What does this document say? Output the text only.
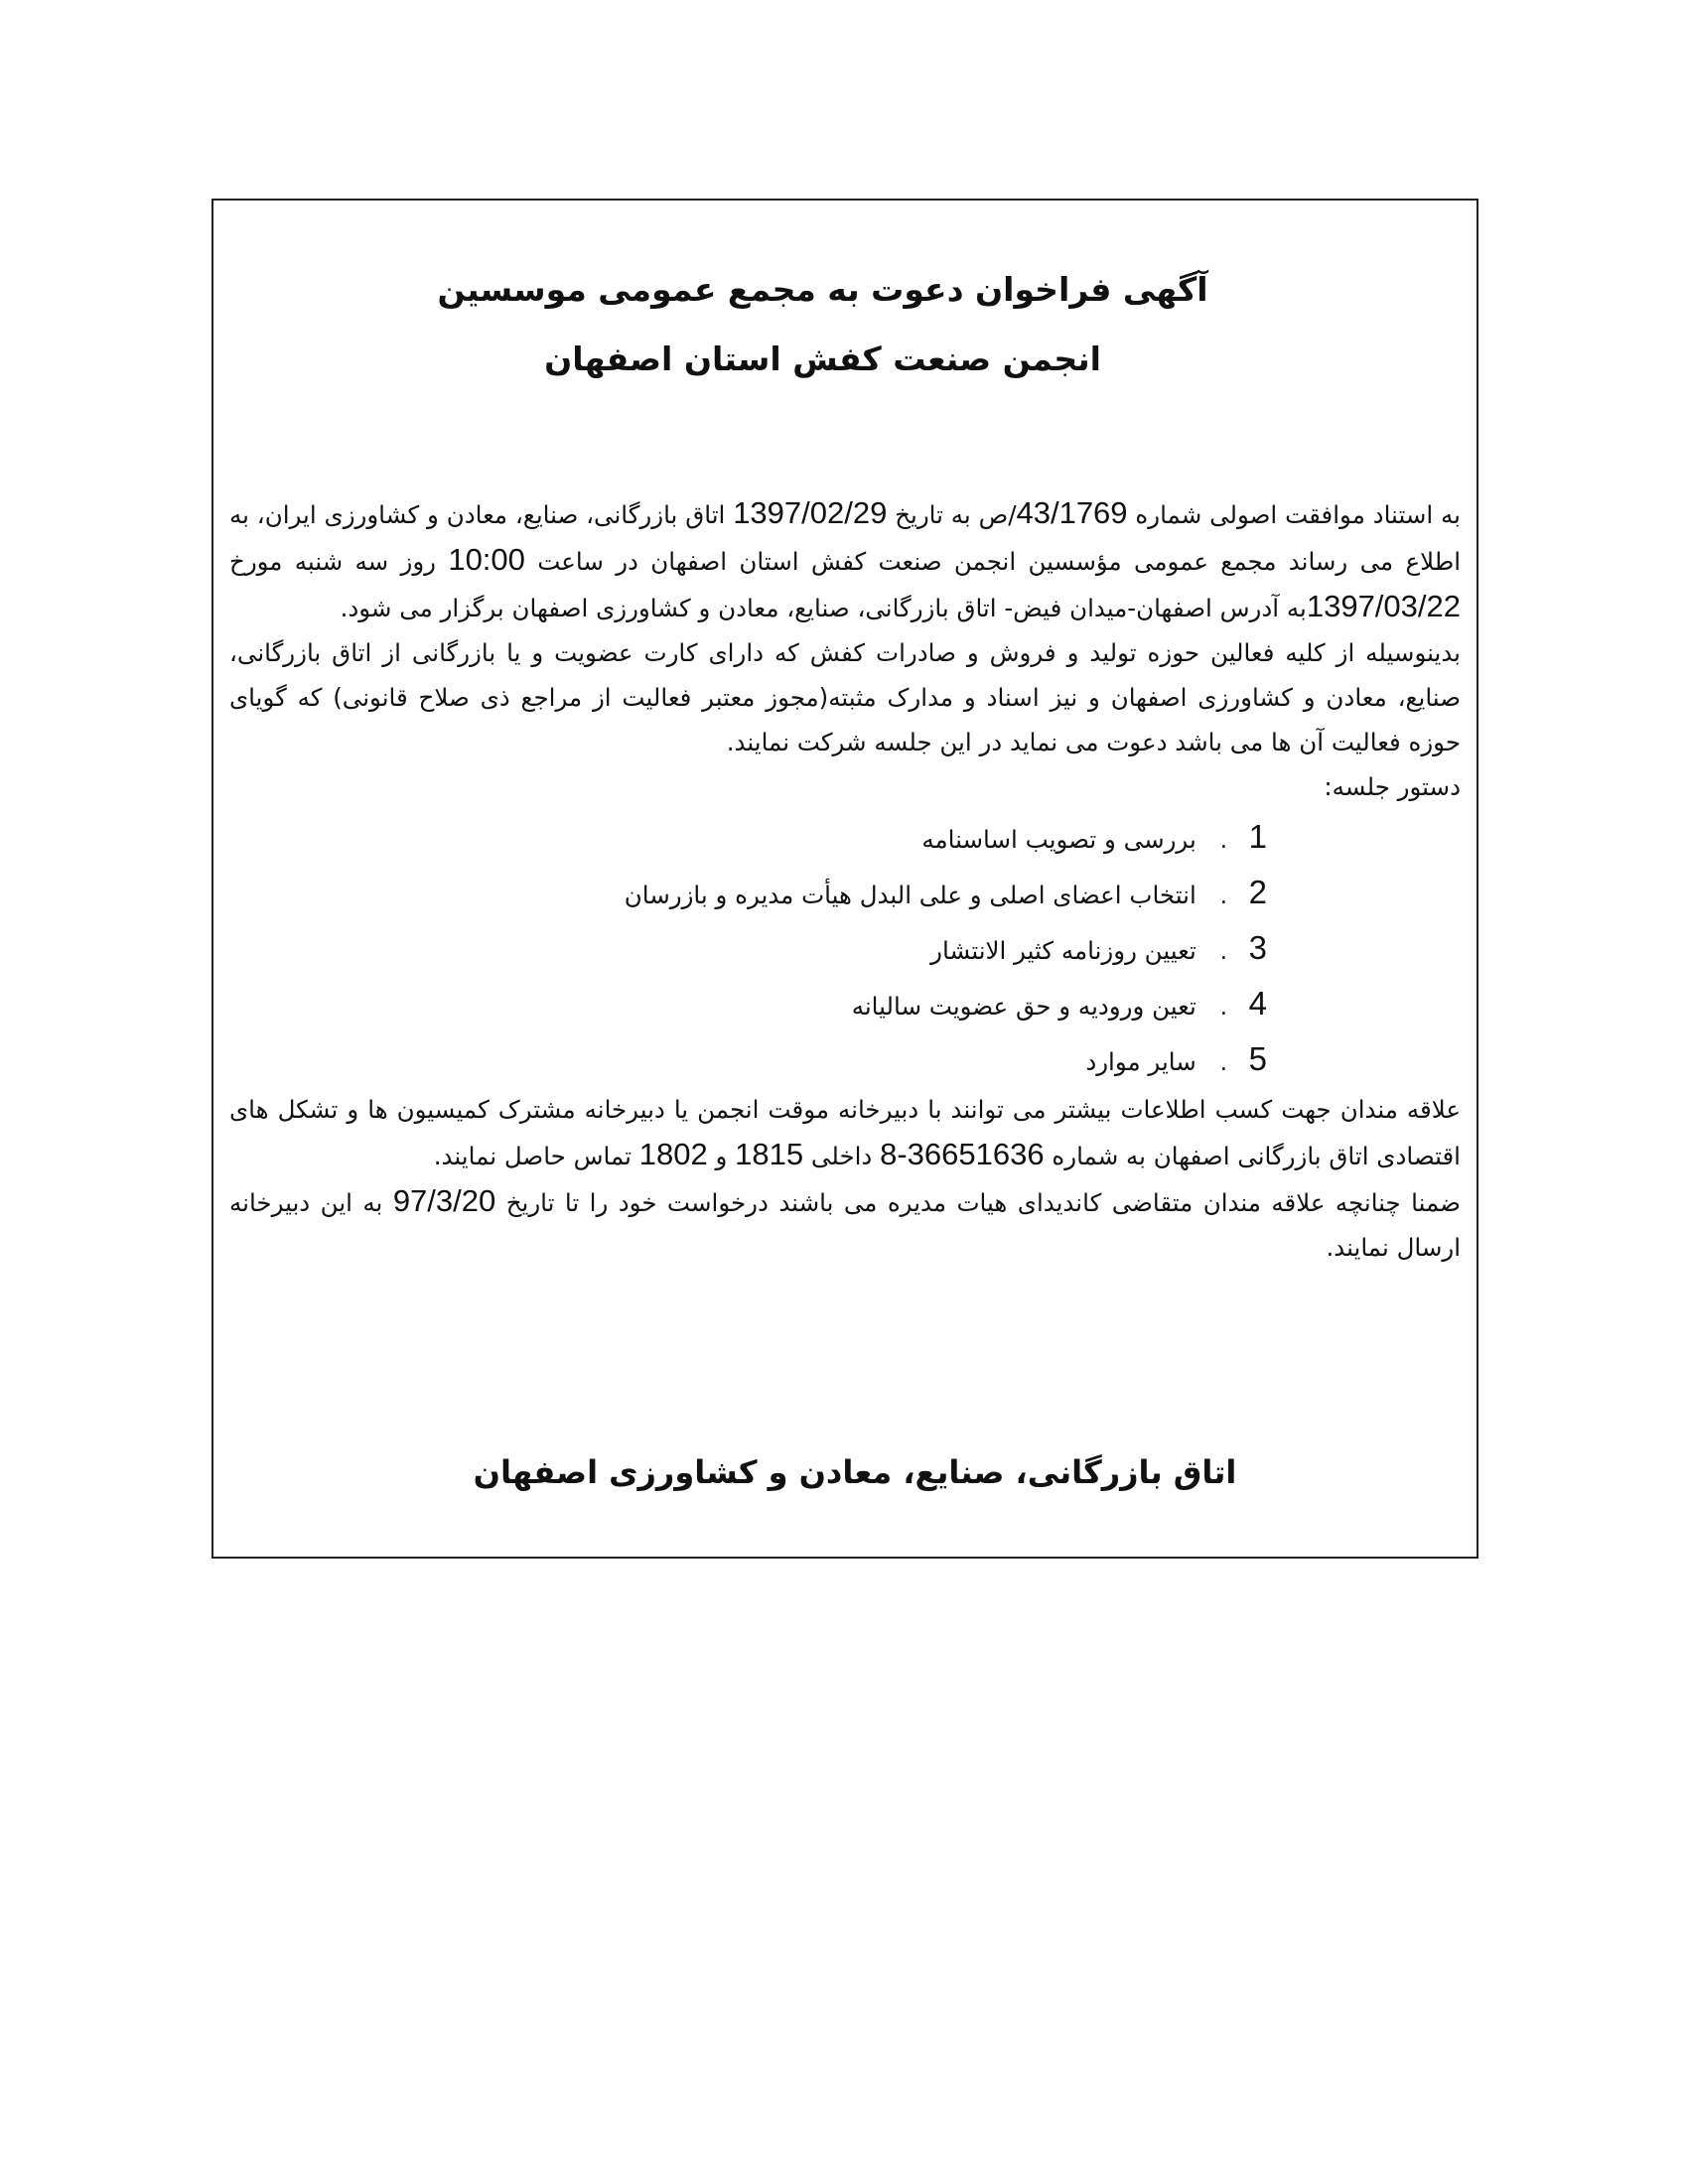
آگهی فراخوان دعوت به مجمع عمومی موسسین

انجمن صنعت کفش استان اصفهان

به استناد موافقت اصولی شماره 43/1769/ص به تاریخ 1397/02/29 اتاق بازرگانی، صنایع، معادن و کشاورزی ایران، به اطلاع می رساند مجمع عمومی مؤسسین انجمن صنعت کفش استان اصفهان در ساعت 10:00 روز سه شنبه مورخ 1397/03/22به آدرس اصفهان-میدان فیض- اتاق بازرگانی، صنایع، معادن و کشاورزی اصفهان برگزار می شود.

بدینوسیله از کلیه فعالین حوزه تولید و فروش و صادرات کفش که دارای کارت عضویت و یا بازرگانی از اتاق بازرگانی، صنایع، معادن و کشاورزی اصفهان و نیز اسناد و مدارک مثبته(مجوز معتبر فعالیت از مراجع ذی صلاح قانونی) که گویای حوزه فعالیت آن ها می باشد دعوت می نماید در این جلسه شرکت نمایند.

دستور جلسه:

1
.
بررسی و تصویب اساسنامه
2
.
انتخاب اعضای اصلی و علی البدل هیأت مدیره و بازرسان
3
.
تعیین روزنامه کثیر الانتشار
4
.
تعین ورودیه و حق عضویت سالیانه
5
.
سایر موارد

علاقه مندان جهت کسب اطلاعات بیشتر می توانند با دبیرخانه موقت انجمن یا دبیرخانه مشترک کمیسیون ها و تشکل های اقتصادی اتاق بازرگانی اصفهان به شماره 8-36651636 داخلی 1815 و 1802 تماس حاصل نمایند.

ضمنا چنانچه علاقه مندان متقاضی کاندیدای هیات مدیره می باشند درخواست خود را تا تاریخ 97/3/20 به این دبیرخانه ارسال نمایند.

اتاق بازرگانی، صنایع، معادن و کشاورزی اصفهان
